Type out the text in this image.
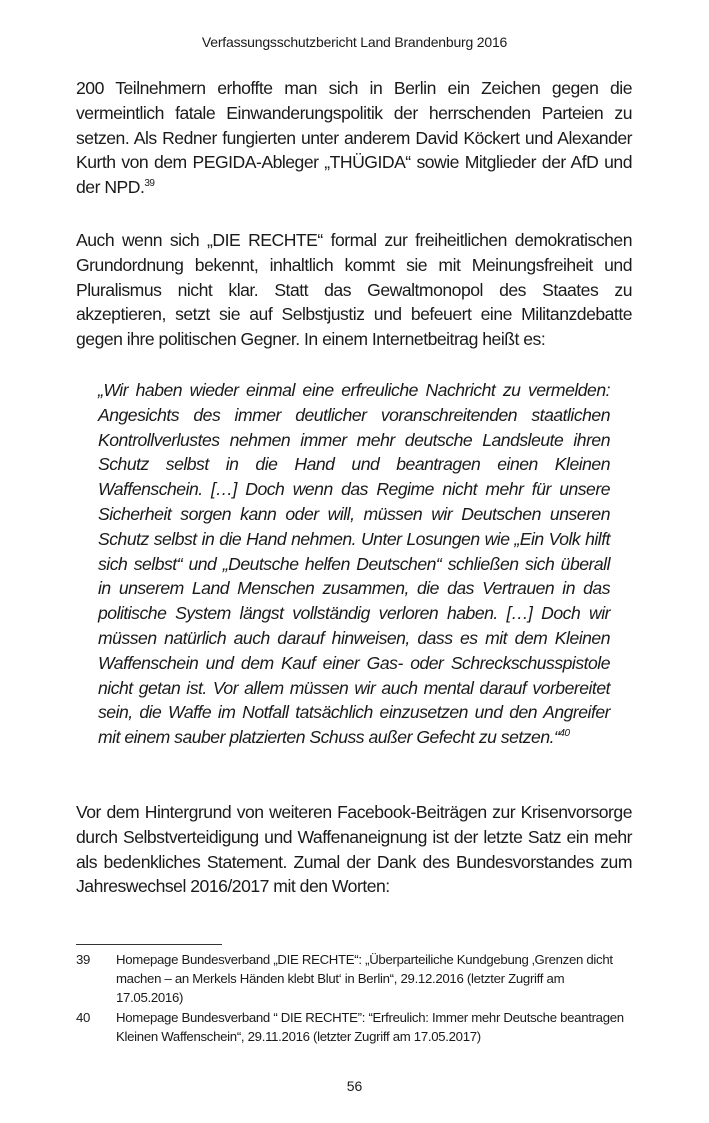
Verfassungsschutzbericht Land Brandenburg 2016
200 Teilnehmern erhoffte man sich in Berlin ein Zeichen gegen die vermeintlich fatale Einwanderungspolitik der herrschenden Parteien zu setzen. Als Redner fungierten unter anderem David Köckert und Alexander Kurth von dem PEGIDA-Ableger „THÜGIDA“ sowie Mitglieder der AfD und der NPD.$^{39}$
Auch wenn sich „DIE RECHTE“ formal zur freiheitlichen demokratischen Grundordnung bekennt, inhaltlich kommt sie mit Meinungsfreiheit und Pluralismus nicht klar. Statt das Gewaltmonopol des Staates zu akzeptieren, setzt sie auf Selbstjustiz und befeuert eine Militanzdebatte gegen ihre politischen Gegner. In einem Internetbeitrag heißt es:
„Wir haben wieder einmal eine erfreuliche Nachricht zu vermelden: Angesichts des immer deutlicher voranschreitenden staatlichen Kontrollverlustes nehmen immer mehr deutsche Landsleute ihren Schutz selbst in die Hand und beantragen einen Kleinen Waffenschein. […] Doch wenn das Regime nicht mehr für unsere Sicherheit sorgen kann oder will, müssen wir Deutschen unseren Schutz selbst in die Hand nehmen. Unter Losungen wie „Ein Volk hilft sich selbst“ und „Deutsche helfen Deutschen“ schließen sich überall in unserem Land Menschen zusammen, die das Vertrauen in das politische System längst vollständig verloren haben. […] Doch wir müssen natürlich auch darauf hinweisen, dass es mit dem Kleinen Waffenschein und dem Kauf einer Gas- oder Schreckschusspistole nicht getan ist. Vor allem müssen wir auch mental darauf vorbereitet sein, die Waffe im Notfall tatsächlich einzusetzen und den Angreifer mit einem sauber platzierten Schuss außer Gefecht zu setzen.“$^{40}$
Vor dem Hintergrund von weiteren Facebook-Beiträgen zur Krisenvorsorge durch Selbstverteidigung und Waffenaneignung ist der letzte Satz ein mehr als bedenkliches Statement. Zumal der Dank des Bundesvorstandes zum Jahreswechsel 2016/2017 mit den Worten:
39	Homepage Bundesverband „DIE RECHTE“: „Überparteiliche Kundgebung ‚Grenzen dicht machen – an Merkels Händen klebt Blut‘ in Berlin“, 29.12.2016 (letzter Zugriff am 17.05.2016)
40	Homepage Bundesverband “ DIE RECHTE”: “Erfreulich: Immer mehr Deutsche beantragen Kleinen Waffenschein“, 29.11.2016 (letzter Zugriff am 17.05.2017)
56
